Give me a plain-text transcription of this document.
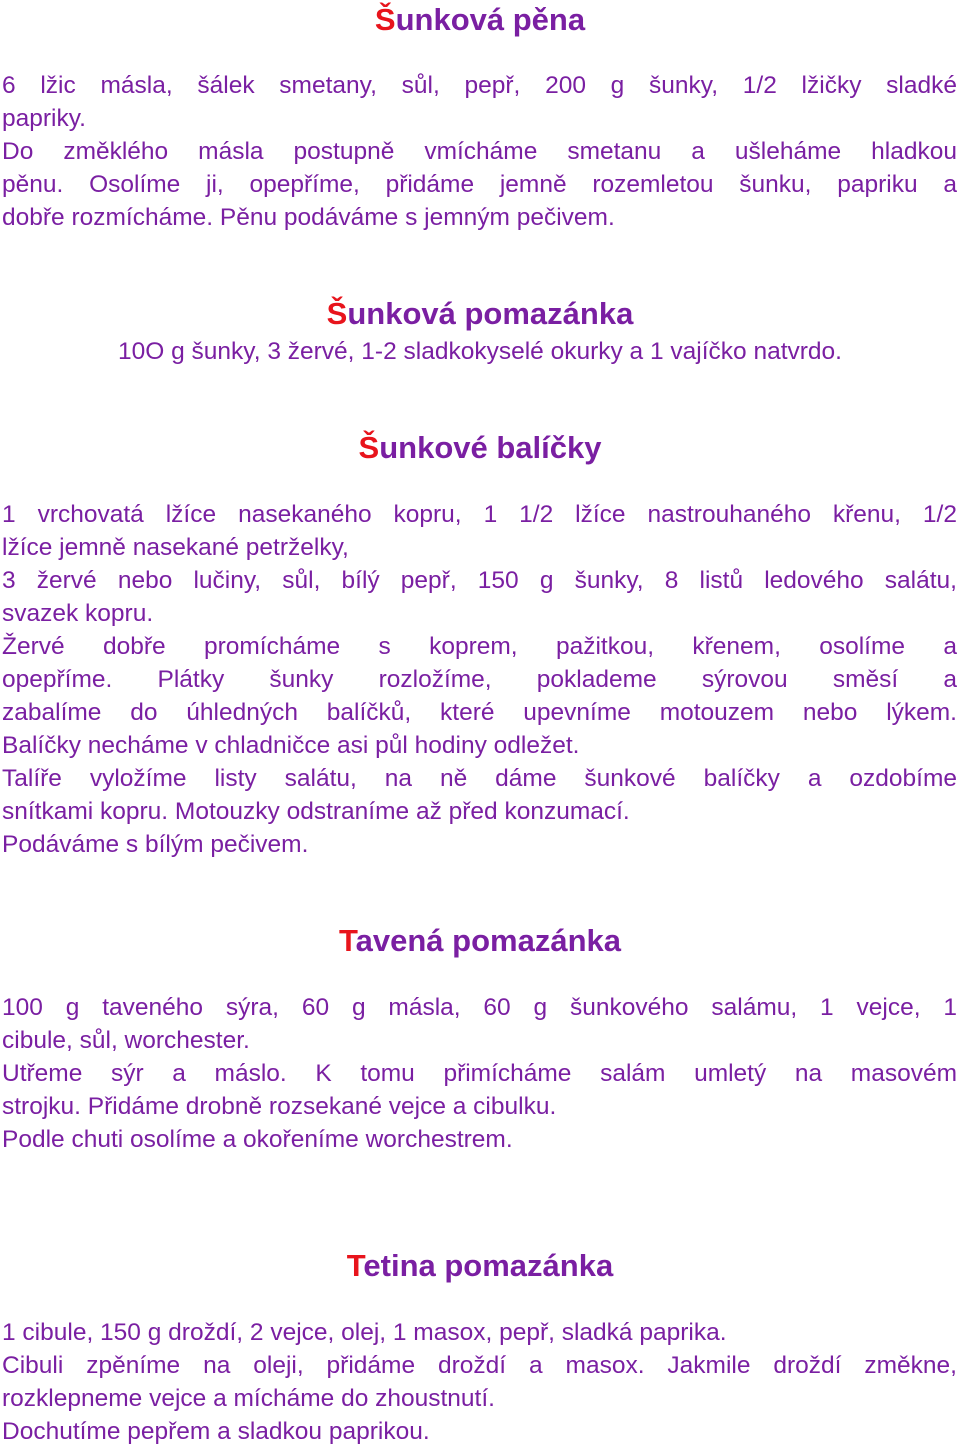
Šunková pěna
6 lžic másla, šálek smetany, sůl, pepř, 200 g šunky, 1/2 lžičky sladké
papriky.
Do změklého másla postupně vmícháme smetanu a ušleháme hladkou
pěnu. Osolíme ji, opepříme, přidáme jemně rozemletou šunku, papriku a
dobře rozmícháme. Pěnu podáváme s jemným pečivem.
Šunková pomazánka

10O g šunky, 3 žervé, 1-2 sladkokyselé okurky a 1 vajíčko natvrdo.

Šunkové balíčky
1 vrchovatá lžíce nasekaného kopru, 1 1/2 lžíce nastrouhaného křenu, 1/2
lžíce jemně nasekané petrželky,
3 žervé nebo lučiny, sůl, bílý pepř, 150 g šunky, 8 listů ledového salátu,
svazek kopru.
Žervé dobře promícháme s koprem, pažitkou, křenem, osolíme a
opepříme. Plátky šunky rozložíme, poklademe sýrovou směsí a
zabalíme do úhledných balíčků, které upevníme motouzem nebo lýkem.
Balíčky necháme v chladničce asi půl hodiny odležet.
Talíře vyložíme listy salátu, na ně dáme šunkové balíčky a ozdobíme
snítkami kopru. Motouzky odstraníme až před konzumací.
Podáváme s bílým pečivem.
Tavená pomazánka
100 g taveného sýra, 60 g másla, 60 g šunkového salámu, 1 vejce, 1
cibule, sůl, worchester.
Utřeme sýr a máslo. K tomu přimícháme salám umletý na masovém
strojku. Přidáme drobně rozsekané vejce a cibulku.
Podle chuti osolíme a okořeníme worchestrem.
Tetina pomazánka
1 cibule, 150 g droždí, 2 vejce, olej, 1 masox, pepř, sladká paprika.
Cibuli zpěníme na oleji, přidáme droždí a masox. Jakmile droždí změkne,
rozklepneme vejce a mícháme do zhoustnutí.
Dochutíme pepřem a sladkou paprikou.
